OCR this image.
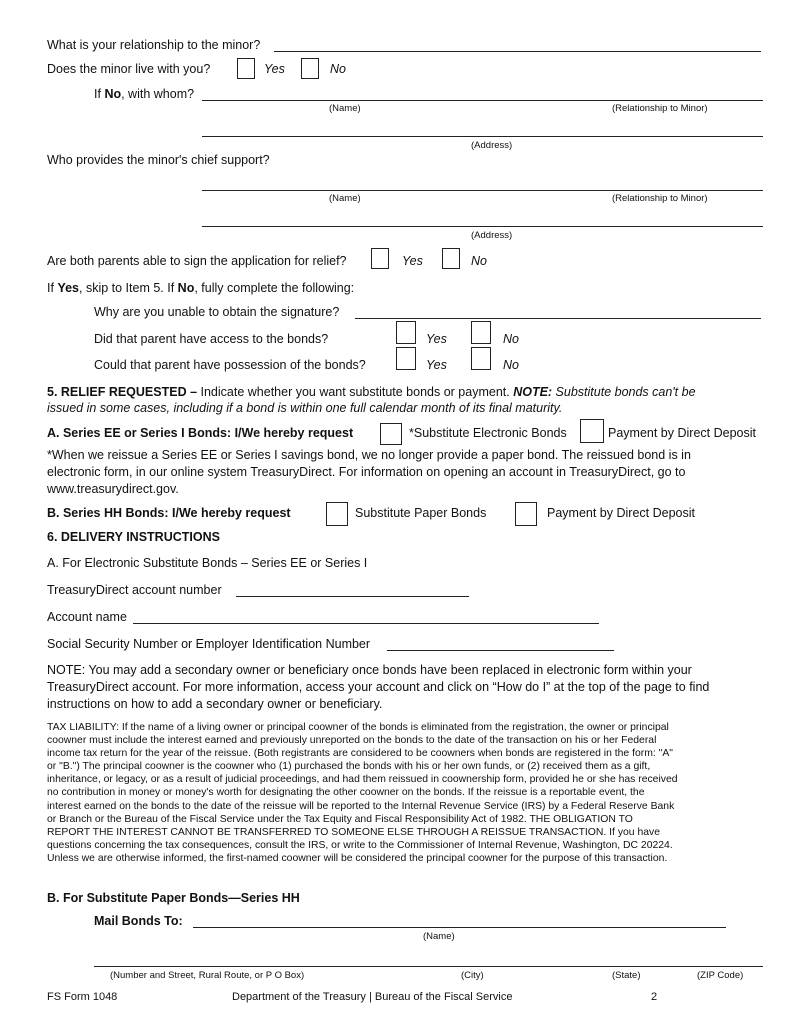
What is your relationship to the minor?
Does the minor live with you?	Yes	No
If No, with whom?
(Name)	(Relationship to Minor)
(Address)
Who provides the minor's chief support?
(Name)	(Relationship to Minor)
(Address)
Are both parents able to sign the application for relief?	Yes	No
If Yes, skip to Item 5. If No, fully complete the following:
Why are you unable to obtain the signature?
Did that parent have access to the bonds?	Yes	No
Could that parent have possession of the bonds?	Yes	No
5. RELIEF REQUESTED – Indicate whether you want substitute bonds or payment. NOTE: Substitute bonds can't be
issued in some cases, including if a bond is within one full calendar month of its final maturity.
A. Series EE or Series I Bonds: I/We hereby request	*Substitute Electronic Bonds	Payment by Direct Deposit
*When we reissue a Series EE or Series I savings bond, we no longer provide a paper bond. The reissued bond is in
electronic form, in our online system TreasuryDirect. For information on opening an account in TreasuryDirect, go to
www.treasurydirect.gov.
B. Series HH Bonds: I/We hereby request	Substitute Paper Bonds	Payment by Direct Deposit
6. DELIVERY INSTRUCTIONS
A. For Electronic Substitute Bonds – Series EE or Series I
TreasuryDirect account number
Account name
Social Security Number or Employer Identification Number
NOTE: You may add a secondary owner or beneficiary once bonds have been replaced in electronic form within your
TreasuryDirect account. For more information, access your account and click on “How do I” at the top of the page to find
instructions on how to add a secondary owner or beneficiary.
TAX LIABILITY: If the name of a living owner or principal coowner of the bonds is eliminated from the registration, the owner or principal
coowner must include the interest earned and previously unreported on the bonds to the date of the transaction on his or her Federal
income tax return for the year of the reissue. (Both registrants are considered to be coowners when bonds are registered in the form: "A"
or "B.") The principal coowner is the coowner who (1) purchased the bonds with his or her own funds, or (2) received them as a gift,
inheritance, or legacy, or as a result of judicial proceedings, and had them reissued in coownership form, provided he or she has received
no contribution in money or money's worth for designating the other coowner on the bonds. If the reissue is a reportable event, the
interest earned on the bonds to the date of the reissue will be reported to the Internal Revenue Service (IRS) by a Federal Reserve Bank
or Branch or the Bureau of the Fiscal Service under the Tax Equity and Fiscal Responsibility Act of 1982. THE OBLIGATION TO
REPORT THE INTEREST CANNOT BE TRANSFERRED TO SOMEONE ELSE THROUGH A REISSUE TRANSACTION. If you have
questions concerning the tax consequences, consult the IRS, or write to the Commissioner of Internal Revenue, Washington, DC 20224.
Unless we are otherwise informed, the first-named coowner will be considered the principal coowner for the purpose of this transaction.
B. For Substitute Paper Bonds—Series HH
Mail Bonds To:
(Name)
(Number and Street, Rural Route, or P O Box)	(City)	(State)	(ZIP Code)
FS Form 1048	Department of the Treasury | Bureau of the Fiscal Service	2
